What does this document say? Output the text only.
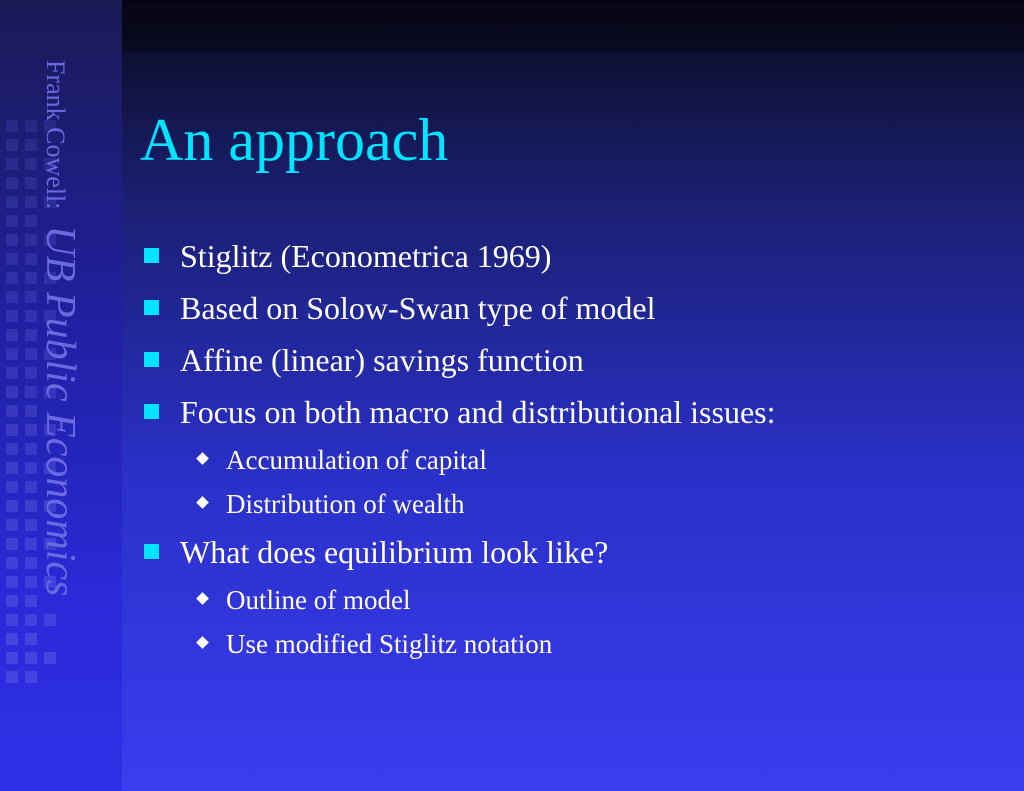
Frank Cowell: UB Public Economics
An approach
Stiglitz (Econometrica 1969)
Based on Solow-Swan type of model
Affine (linear) savings function
Focus on both macro and distributional issues:
Accumulation of capital
Distribution of wealth
What does equilibrium look like?
Outline of model
Use modified Stiglitz notation
